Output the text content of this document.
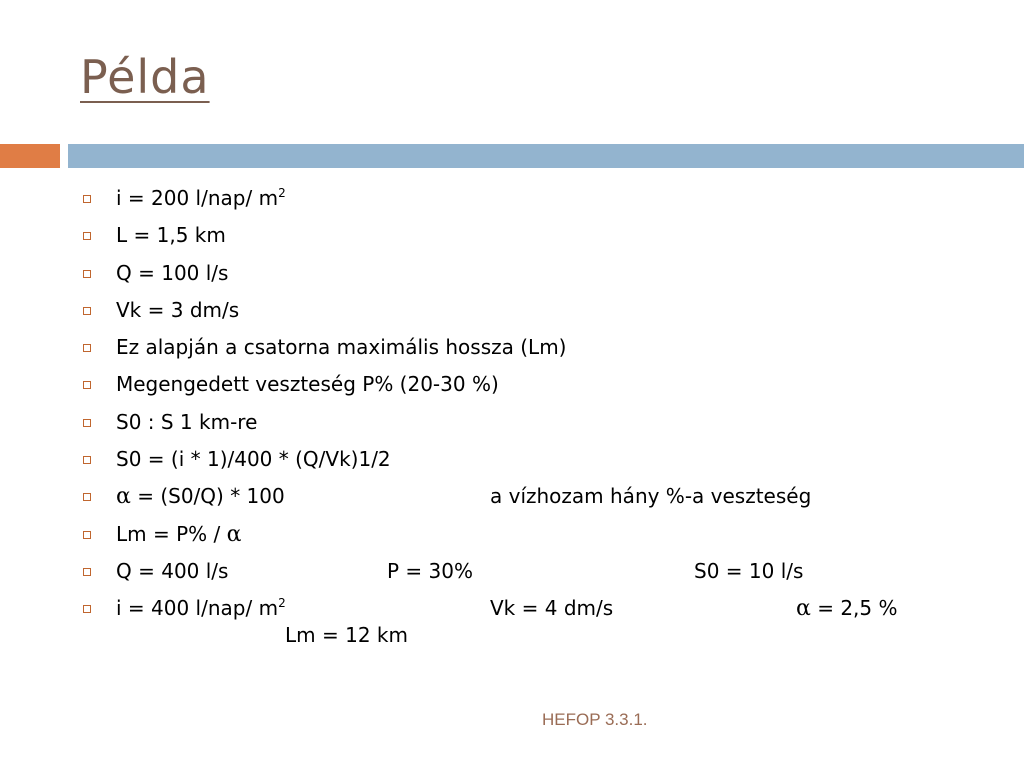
Példa
i = 200 l/nap/ $m^2$
L = 1,5 km
Q = 100 l/s
Vk = 3 dm/s
Ez alapján a csatorna maximális hossza (Lm)
Megengedett veszteség P% (20-30 %)
S0 : S 1 km-re
S0 = (i * 1)/400 * (Q/Vk)1/2
α = (S0/Q) * 100	a vízhozam hány %-a veszteség
Lm = P% / α
Q = 400 l/s	P = 30%	S0 = 10 l/s
i = 400 l/nap/ $m^2$	Vk = 4 dm/s	α = 2,5 %
Lm = 12 km
HEFOP 3.3.1.
